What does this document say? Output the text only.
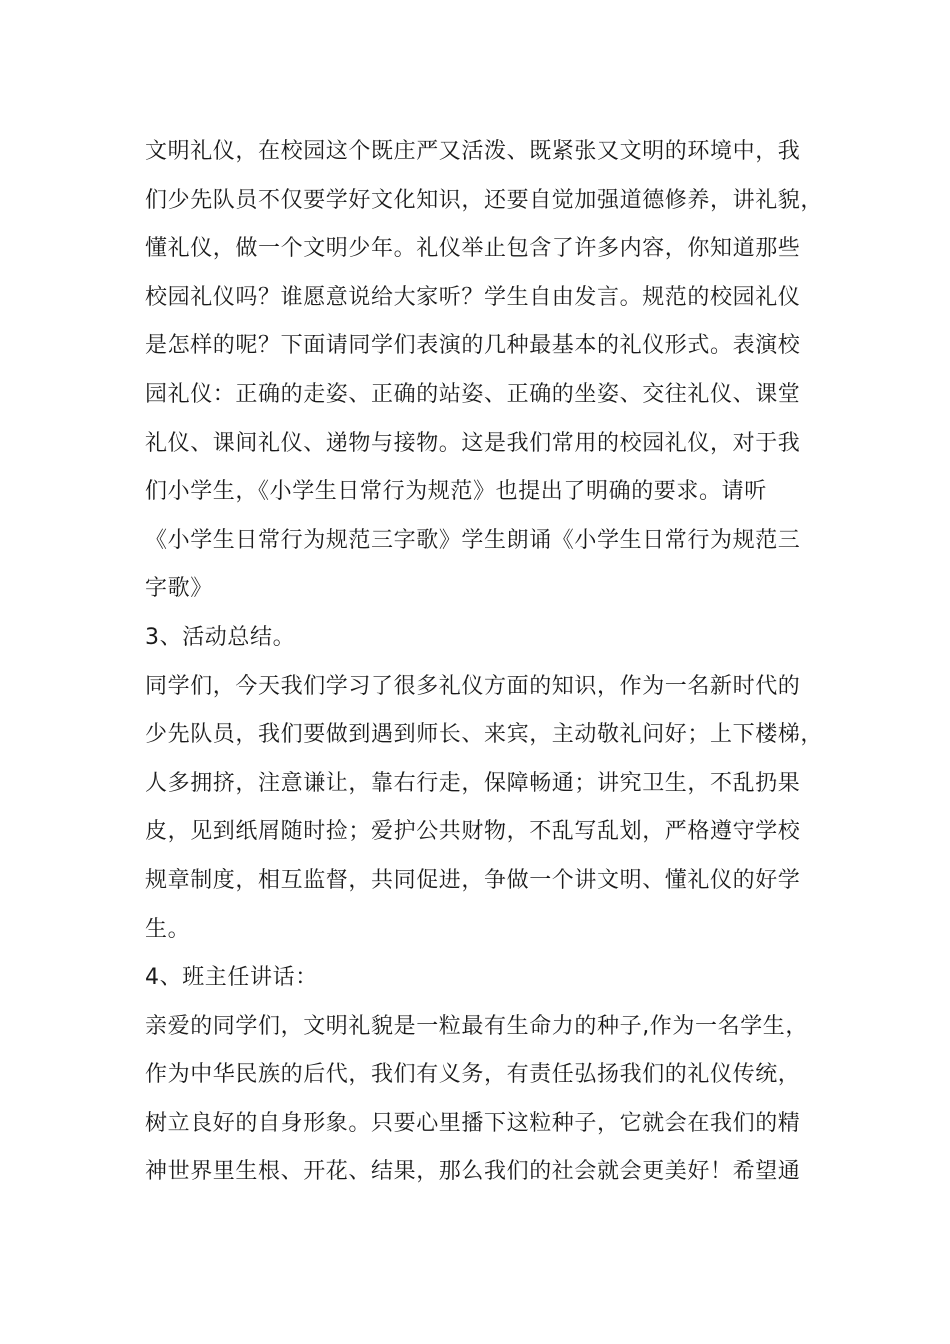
文明礼仪，在校园这个既庄严又活泼、既紧张又文明的环境中，我
们少先队员不仅要学好文化知识，还要自觉加强道德修养，讲礼貌，
懂礼仪，做一个文明少年。礼仪举止包含了许多内容，你知道那些
校园礼仪吗？谁愿意说给大家听？学生自由发言。规范的校园礼仪
是怎样的呢？下面请同学们表演的几种最基本的礼仪形式。表演校
园礼仪：正确的走姿、正确的站姿、正确的坐姿、交往礼仪、课堂
礼仪、课间礼仪、递物与接物。这是我们常用的校园礼仪，对于我
们小学生，《小学生日常行为规范》也提出了明确的要求。请听
《小学生日常行为规范三字歌》学生朗诵《小学生日常行为规范三
字歌》
3、活动总结。
同学们，今天我们学习了很多礼仪方面的知识，作为一名新时代的
少先队员，我们要做到遇到师长、来宾，主动敬礼问好；上下楼梯，
人多拥挤，注意谦让，靠右行走，保障畅通；讲究卫生，不乱扔果
皮，见到纸屑随时捡；爱护公共财物，不乱写乱划，严格遵守学校
规章制度，相互监督，共同促进，争做一个讲文明、懂礼仪的好学
生。
4、班主任讲话：
亲爱的同学们，文明礼貌是一粒最有生命力的种子,作为一名学生，
作为中华民族的后代，我们有义务，有责任弘扬我们的礼仪传统，
树立良好的自身形象。只要心里播下这粒种子，它就会在我们的精
神世界里生根、开花、结果，那么我们的社会就会更美好！希望通
